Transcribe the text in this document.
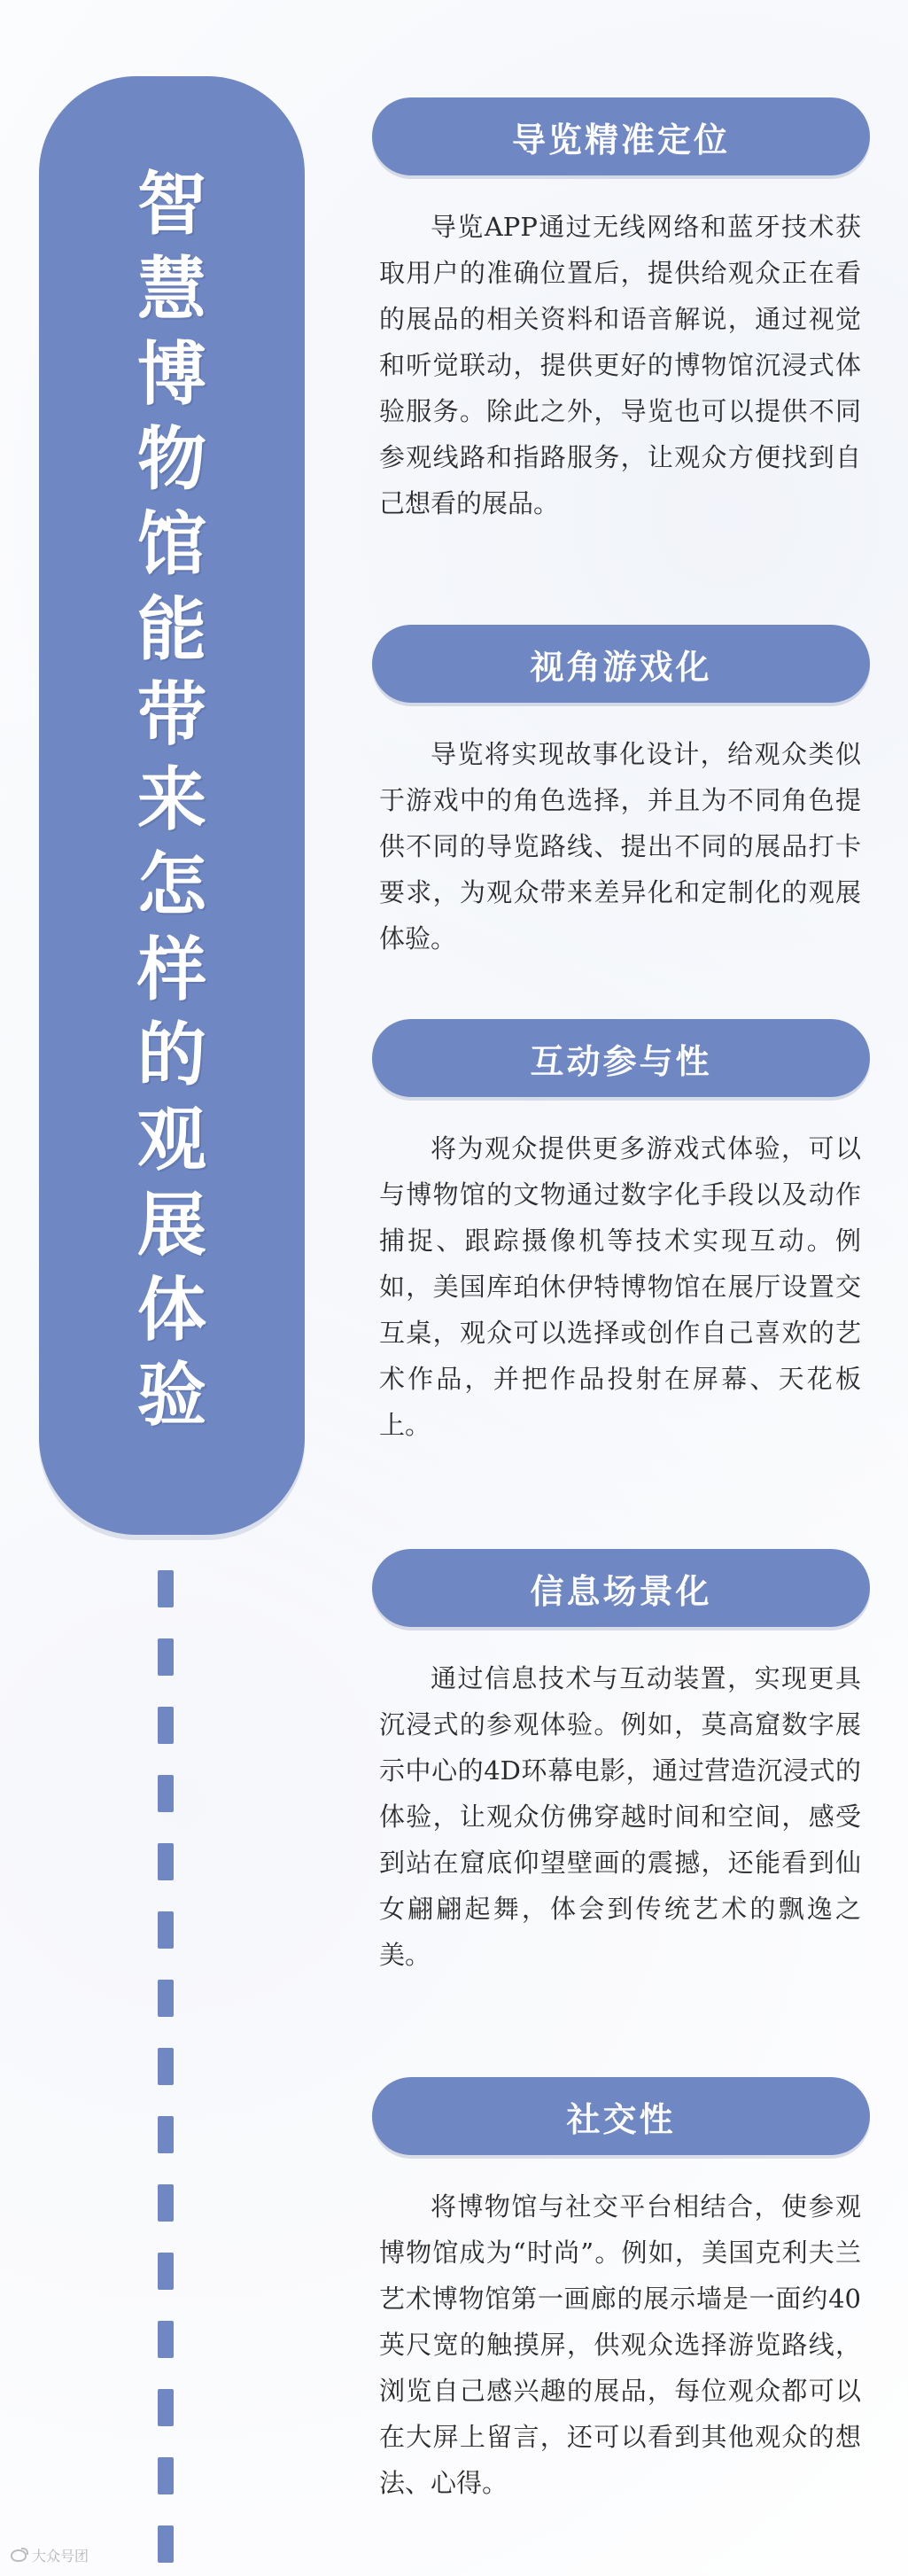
智
慧
博
物
馆
能
带
来
怎
样
的
观
展
体
验
导览精准定位

导览APP通过无线网络和蓝牙技术获取用户的准确位置后，提供给观众正在看的展品的相关资料和语音解说，通过视觉和听觉联动，提供更好的博物馆沉浸式体验服务。除此之外，导览也可以提供不同参观线路和指路服务，让观众方便找到自己想看的展品。

视角游戏化

导览将实现故事化设计，给观众类似于游戏中的角色选择，并且为不同角色提供不同的导览路线、提出不同的展品打卡要求，为观众带来差异化和定制化的观展体验。

互动参与性

将为观众提供更多游戏式体验，可以与博物馆的文物通过数字化手段以及动作捕捉、跟踪摄像机等技术实现互动。例如，美国库珀休伊特博物馆在展厅设置交互桌，观众可以选择或创作自己喜欢的艺术作品，并把作品投射在屏幕、天花板上。

信息场景化

通过信息技术与互动装置，实现更具沉浸式的参观体验。例如，莫高窟数字展示中心的4D环幕电影，通过营造沉浸式的体验，让观众仿佛穿越时间和空间，感受到站在窟底仰望壁画的震撼，还能看到仙女翩翩起舞，体会到传统艺术的飘逸之美。

社交性

将博物馆与社交平台相结合，使参观博物馆成为“时尚”。例如，美国克利夫兰艺术博物馆第一画廊的展示墙是一面约40英尺宽的触摸屏，供观众选择游览路线，浏览自己感兴趣的展品，每位观众都可以在大屏上留言，还可以看到其他观众的想法、心得。

大众号团
